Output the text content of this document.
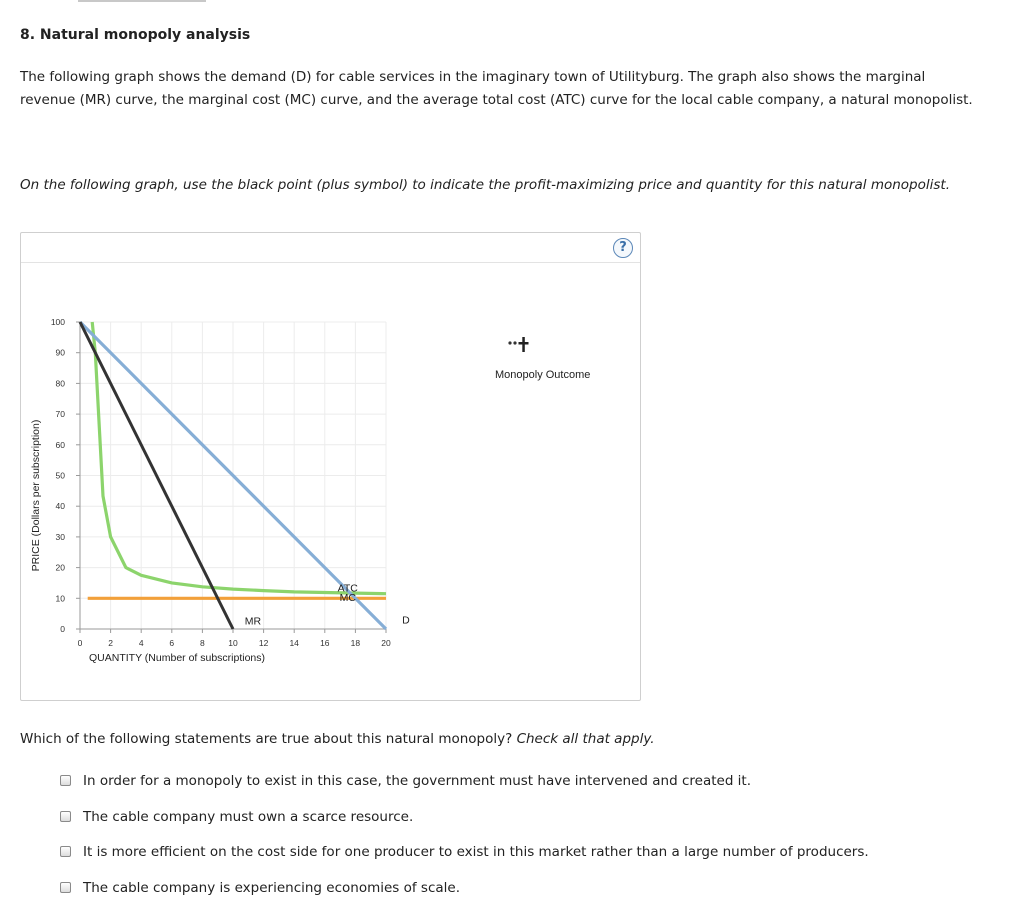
8. Natural monopoly analysis

The following graph shows the demand (D) for cable services in the imaginary town of Utilityburg. The graph also shows the marginal revenue (MR) curve, the marginal cost (MC) curve, and the average total cost (ATC) curve for the local cable company, a natural monopolist.

On the following graph, use the black point (plus symbol) to indicate the profit-maximizing price and quantity for this natural monopolist.

?
0	2	4	6	8	10 12 14 16 18 20
0
10
20
30
40
50
60
70
80
90
100
QUANTITY (Number of subscriptions)
PRICE (Dollars per subscription)
ATC
MC
MR	D
Monopoly Outcome
Which of the following statements are true about this natural monopoly? Check all that apply.
In order for a monopoly to exist in this case, the government must have intervened and created it.
The cable company must own a scarce resource.
It is more efficient on the cost side for one producer to exist in this market rather than a large number of producers.
The cable company is experiencing economies of scale.
